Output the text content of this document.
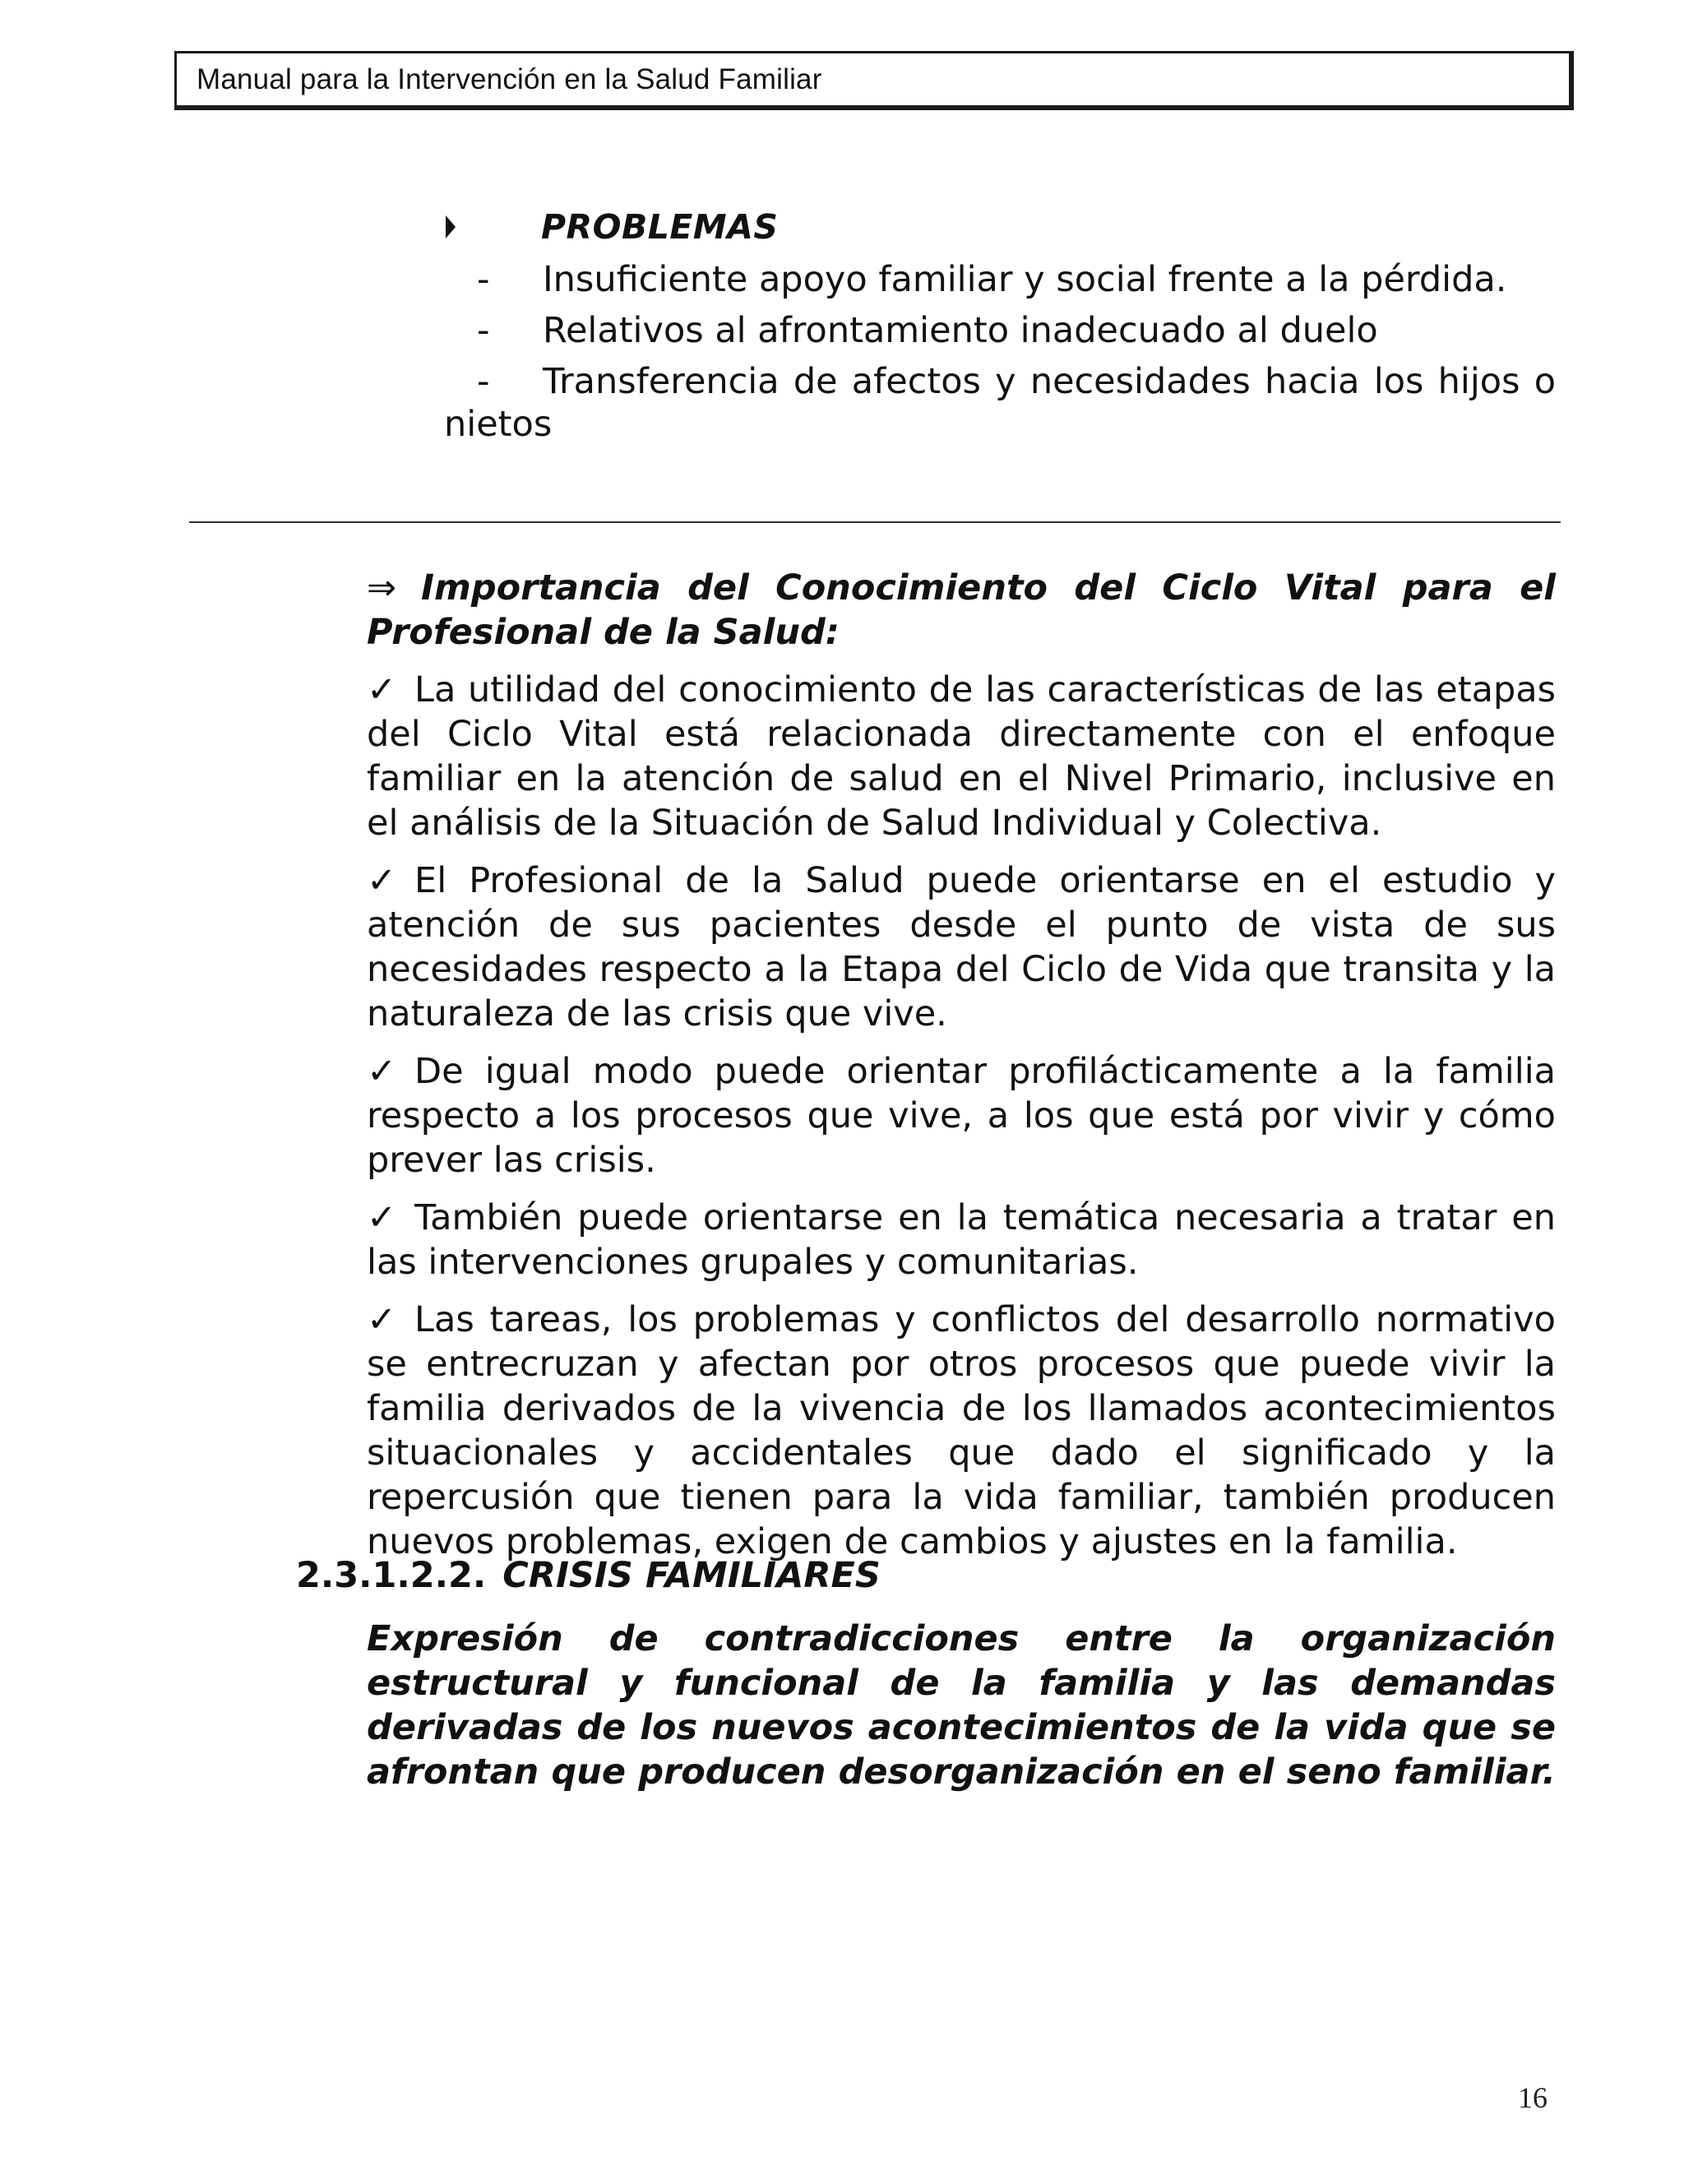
Manual para la Intervención en la Salud Familiar
PROBLEMAS
-	Insuficiente apoyo familiar y social frente a la pérdida.
-	Relativos al afrontamiento inadecuado al duelo
-	Transferencia de afectos y necesidades hacia los hijos o nietos
⇒ Importancia del Conocimiento del Ciclo Vital para el Profesional de la Salud:
✓ La utilidad del conocimiento de las características de las etapas del Ciclo Vital está relacionada directamente con el enfoque familiar en la atención de salud en el Nivel Primario, inclusive en el análisis de la Situación de Salud Individual y Colectiva.
✓ El Profesional de la Salud puede orientarse en el estudio y atención de sus pacientes desde el punto de vista de sus necesidades respecto a la Etapa del Ciclo de Vida que transita y la naturaleza de las crisis que vive.
✓ De igual modo puede orientar profilácticamente a la familia respecto a los procesos que vive, a los que está por vivir y cómo prever las crisis.
✓ También puede orientarse en la temática necesaria a tratar en las intervenciones grupales y comunitarias.
✓ Las tareas, los problemas y conflictos del desarrollo normativo se entrecruzan y afectan por otros procesos que puede vivir la familia derivados de la vivencia de los llamados acontecimientos situacionales y accidentales que dado el significado y la repercusión que tienen para la vida familiar, también producen nuevos problemas, exigen de cambios y ajustes en la familia.
2.3.1.2.2. CRISIS FAMILIARES
Expresión de contradicciones entre la organización estructural y funcional de la familia y las demandas derivadas de los nuevos acontecimientos de la vida que se afrontan que producen desorganización en el seno familiar.
16
